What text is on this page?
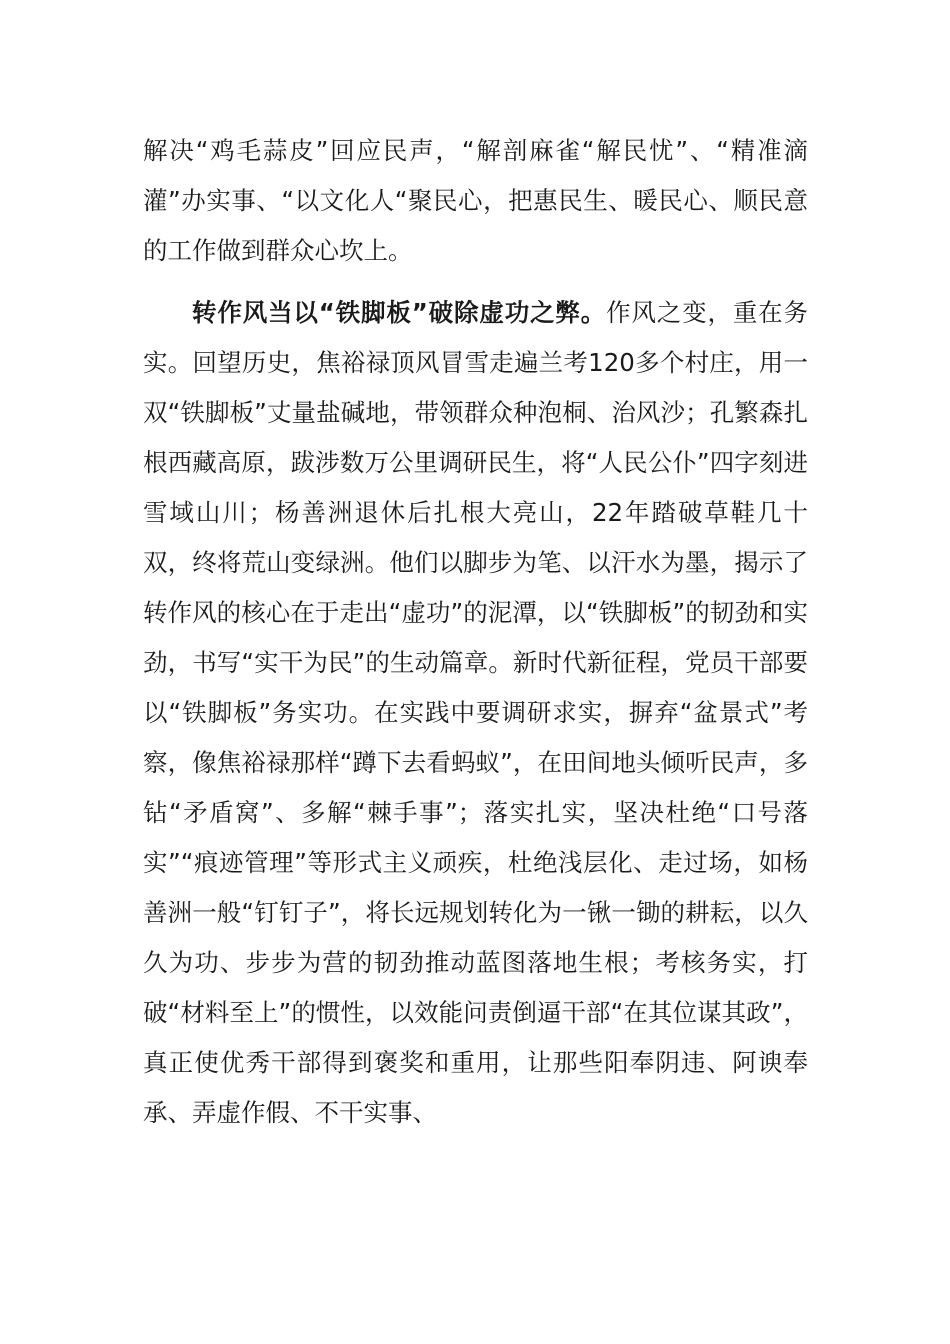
解决“鸡毛蒜皮”回应民声，“解剖麻雀“解民忧”、“精准滴灌”办实事、“以文化人“聚民心，把惠民生、暖民心、顺民意的工作做到群众心坎上。

转作风当以“铁脚板”破除虚功之弊。作风之变，重在务实。回望历史，焦裕禄顶风冒雪走遍兰考120多个村庄，用一双“铁脚板”丈量盐碱地，带领群众种泡桐、治风沙；孔繁森扎根西藏高原，跋涉数万公里调研民生，将“人民公仆”四字刻进雪域山川；杨善洲退休后扎根大亮山，22年踏破草鞋几十双，终将荒山变绿洲。他们以脚步为笔、以汗水为墨，揭示了转作风的核心在于走出“虚功”的泥潭，以“铁脚板”的韧劲和实劲，书写“实干为民”的生动篇章。新时代新征程，党员干部要以“铁脚板”务实功。在实践中要调研求实，摒弃“盆景式”考察，像焦裕禄那样“蹲下去看蚂蚁”，在田间地头倾听民声，多钻“矛盾窝”、多解“棘手事”；落实扎实，坚决杜绝“口号落实”“痕迹管理”等形式主义顽疾，杜绝浅层化、走过场，如杨善洲一般“钉钉子”，将长远规划转化为一锹一锄的耕耘，以久久为功、步步为营的韧劲推动蓝图落地生根；考核务实，打破“材料至上”的惯性，以效能问责倒逼干部“在其位谋其政”，真正使优秀干部得到褒奖和重用，让那些阳奉阴违、阿谀奉承、弄虚作假、不干实事、
